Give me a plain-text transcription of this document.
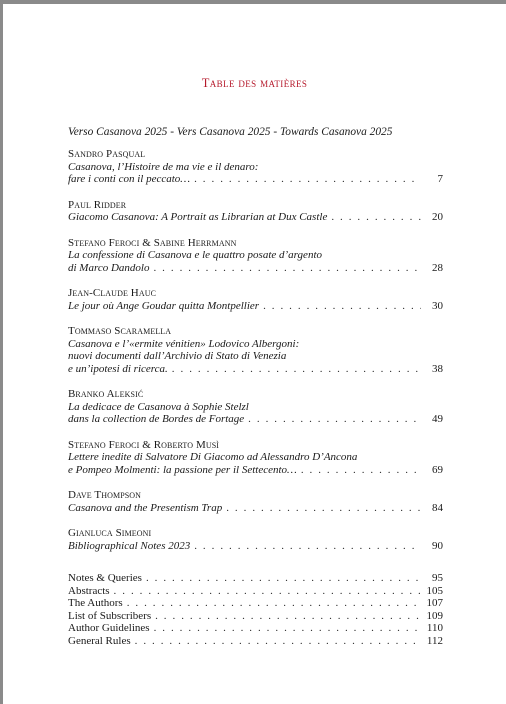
Table des matières
Verso Casanova 2025 - Vers Casanova 2025 - Towards Casanova 2025
Sandro Pasqual
Casanova, l’Histoire de ma vie e il denaro:
fare i conti con il peccato… . . .	7
Paul Ridder
Giacomo Casanova: A Portrait as Librarian at Dux Castle . . .	20
Stefano Feroci & Sabine Herrmann
La confessione di Casanova e le quattro posate d’argento
di Marco Dandolo . . .	28
Jean-Claude Hauc
Le jour où Ange Goudar quitta Montpellier . . .	30
Tommaso Scaramella
Casanova e l’«ermite vénitien» Lodovico Albergoni:
nuovi documenti dall’Archivio di Stato di Venezia
e un’ipotesi di ricerca. . . .	38
Branko Aleksić
La dedicace de Casanova à Sophie Stelzl
dans la collection de Bordes de Fortage . . .	49
Stefano Feroci & Roberto Musì
Lettere inedite di Salvatore Di Giacomo ad Alessandro D’Ancona
e Pompeo Molmenti: la passione per il Settecento… . . .	69
Dave Thompson
Casanova and the Presentism Trap . . .	84
Gianluca Simeoni
Bibliographical Notes 2023 . . .	90
Notes & Queries . . .	95
Abstracts . . .	105
The Authors . . .	107
List of Subscribers . . .	109
Author Guidelines . . .	110
General Rules . . .	112
